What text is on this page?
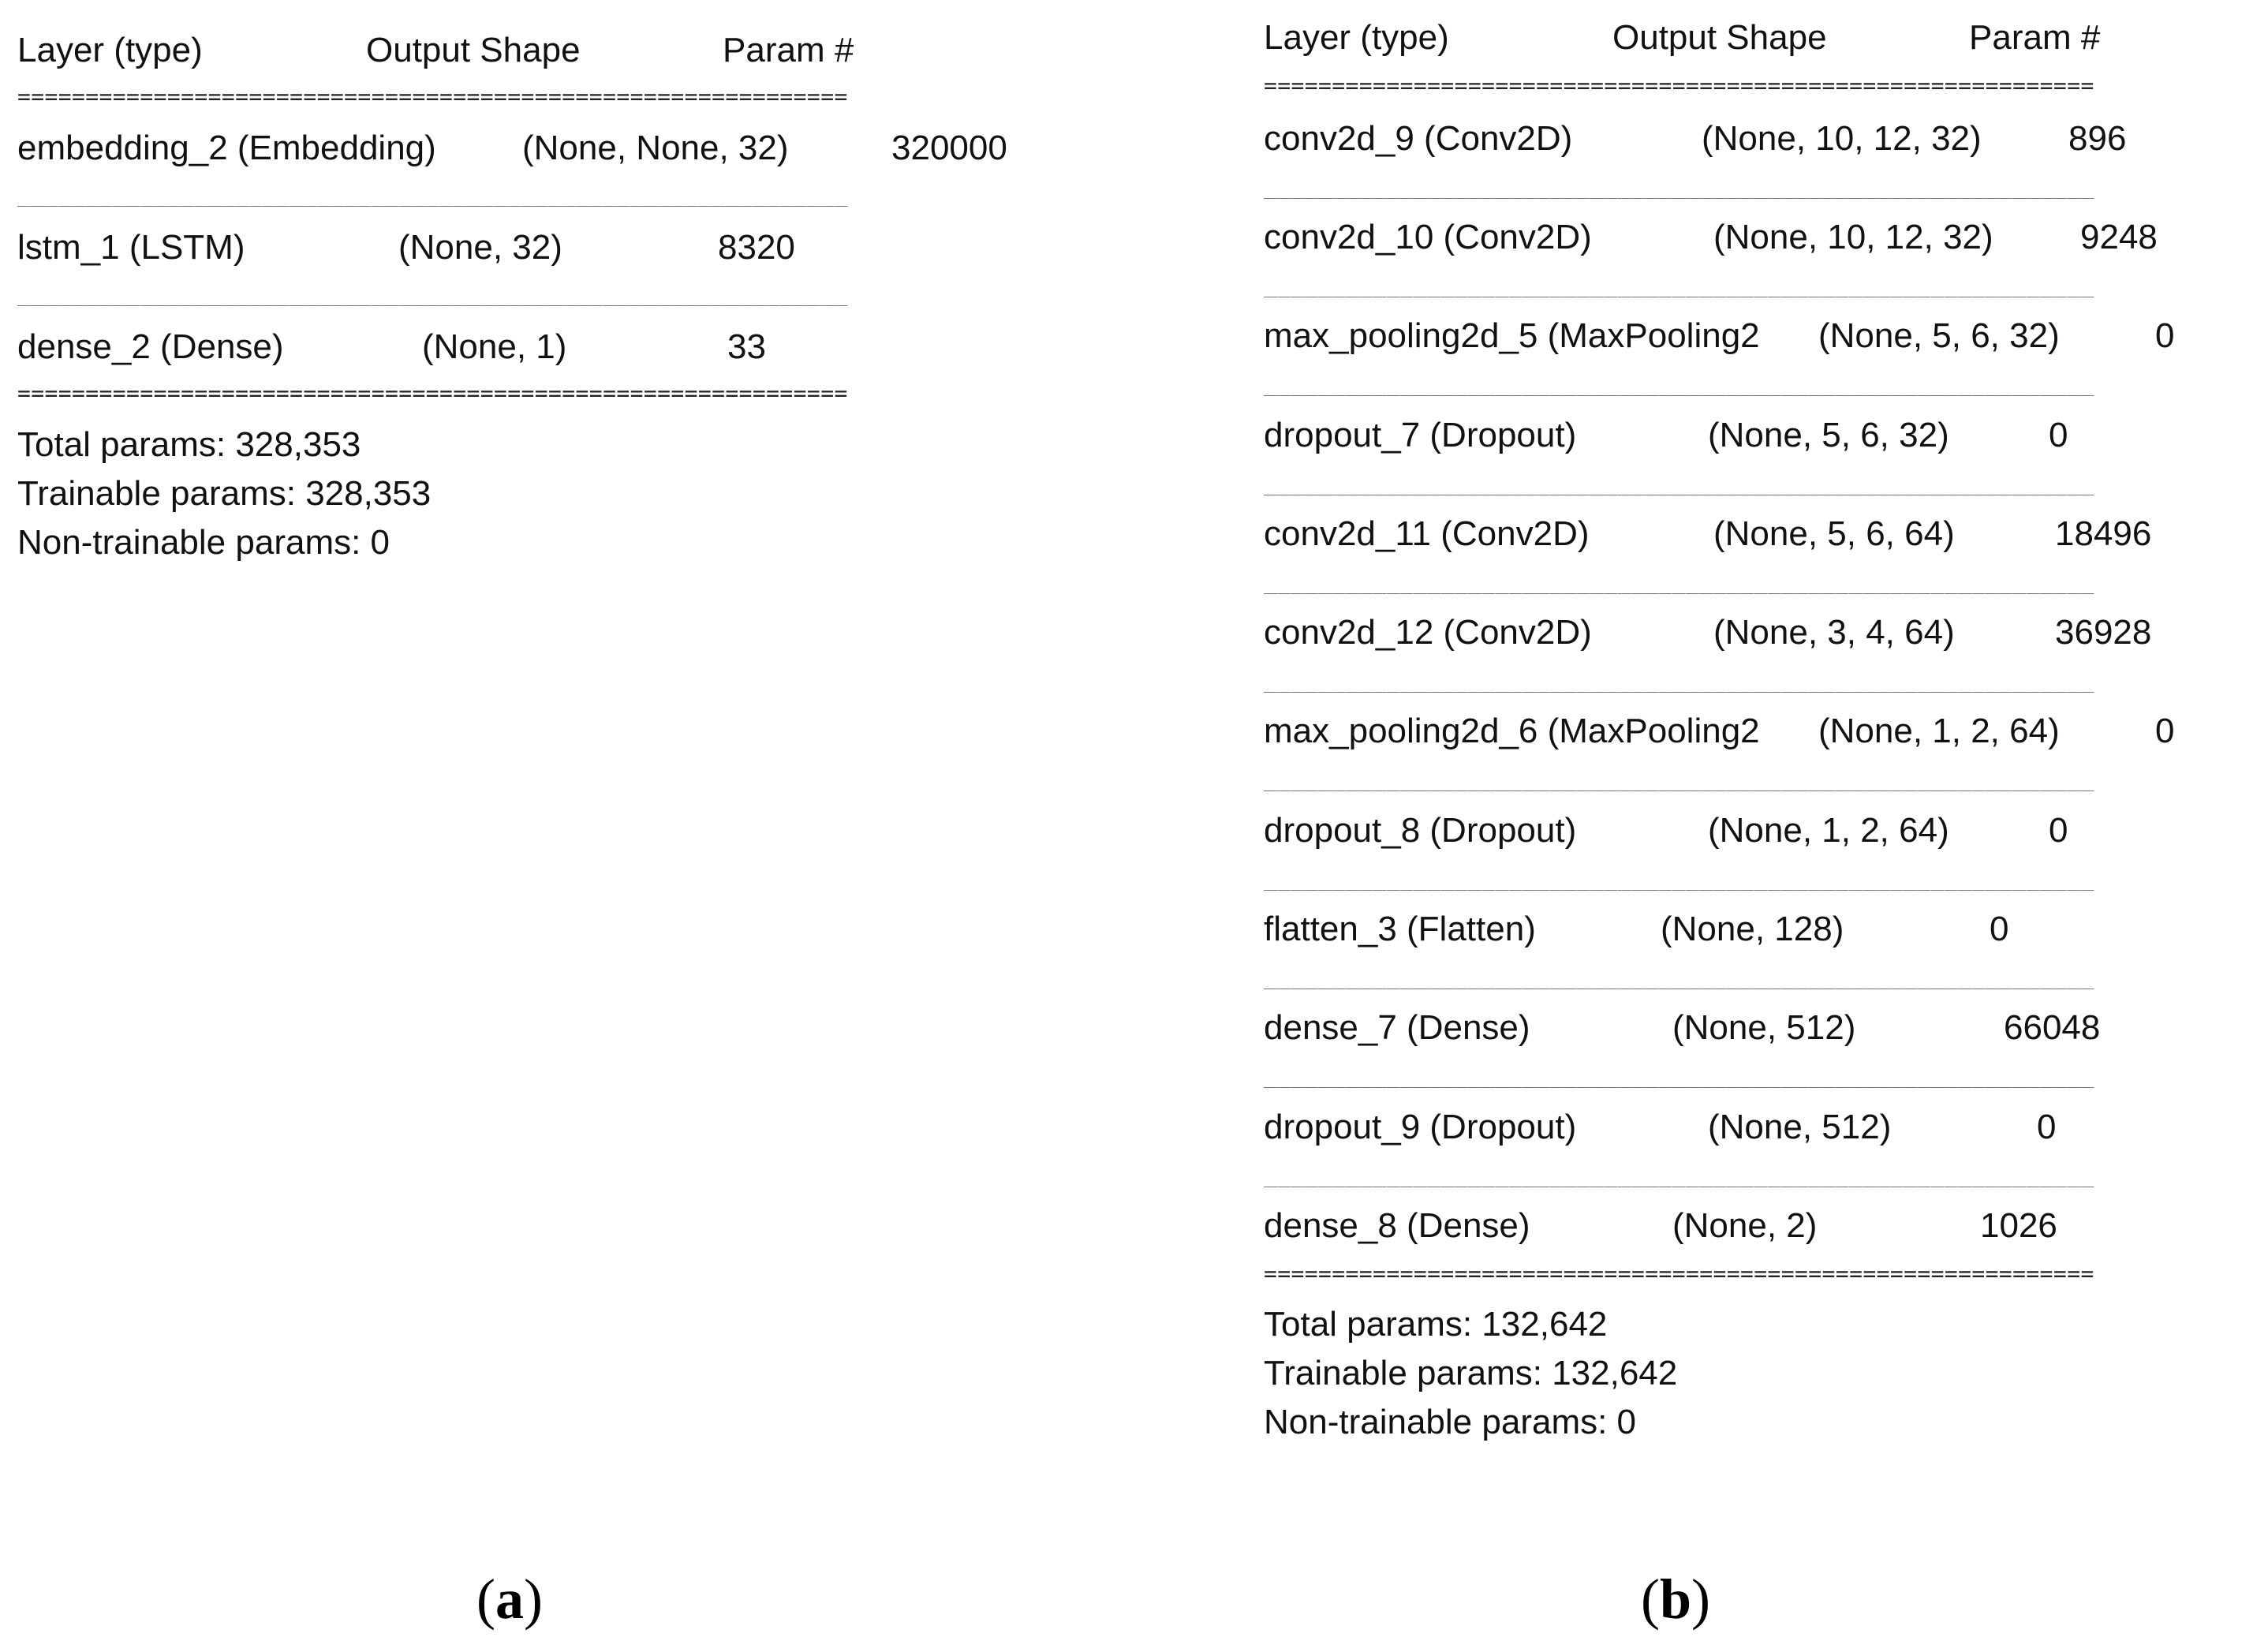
Layer (type)	Output Shape	Param #
=============================================================
embedding_2 (Embedding) (None, None, 32)	320000
_____________________________________________________________
lstm_1 (LSTM)	(None, 32)	8320
_____________________________________________________________
dense_2 (Dense)	(None, 1)	33
=============================================================
Total params: 328,353
Trainable params: 328,353
Non-trainable params: 0
Layer (type)	Output Shape	Param #
=============================================================
conv2d_9 (Conv2D)	(None, 10, 12, 32)	896
_____________________________________________________________
conv2d_10 (Conv2D)	(None, 10, 12, 32)	9248
_____________________________________________________________
max_pooling2d_5 (MaxPooling2 (None, 5, 6, 32)	0
_____________________________________________________________
dropout_7 (Dropout)	(None, 5, 6, 32)	0
_____________________________________________________________
conv2d_11 (Conv2D)	(None, 5, 6, 64)	18496
_____________________________________________________________
conv2d_12 (Conv2D)	(None, 3, 4, 64)	36928
_____________________________________________________________
max_pooling2d_6 (MaxPooling2 (None, 1, 2, 64)	0
_____________________________________________________________
dropout_8 (Dropout)	(None, 1, 2, 64)	0
_____________________________________________________________
flatten_3 (Flatten)	(None, 128)	0
_____________________________________________________________
dense_7 (Dense)	(None, 512)	66048
_____________________________________________________________
dropout_9 (Dropout)	(None, 512)	0
_____________________________________________________________
dense_8 (Dense)	(None, 2)	1026
=============================================================
Total params: 132,642
Trainable params: 132,642
Non-trainable params: 0
(a)	(b)
